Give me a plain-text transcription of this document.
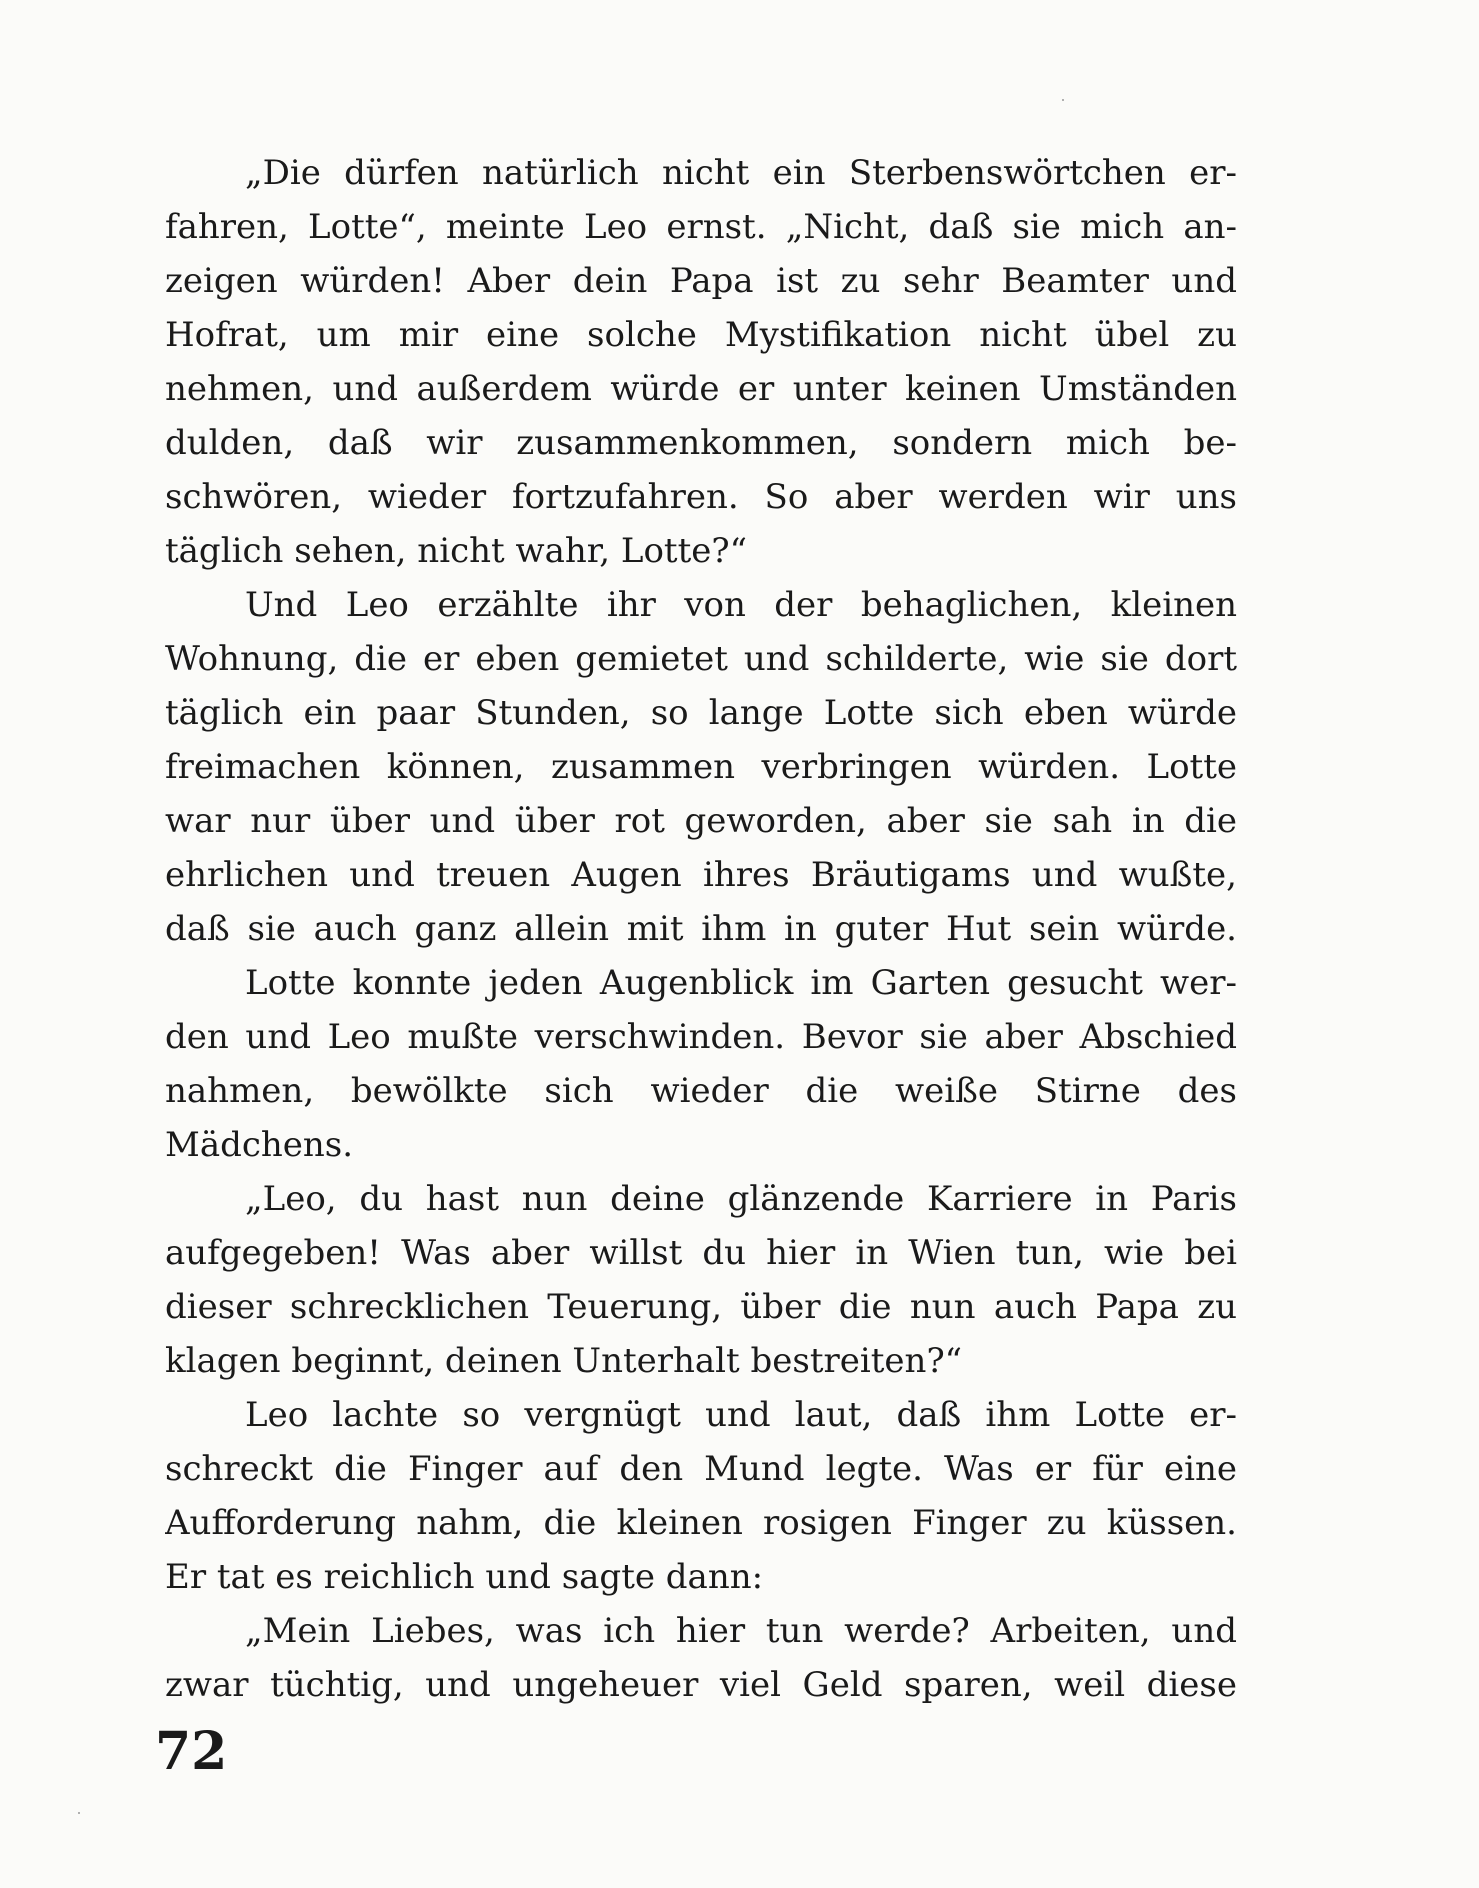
„Die dürfen natürlich nicht ein Sterbenswörtchen er-
fahren, Lotte“, meinte Leo ernst. „Nicht, daß sie mich an-
zeigen würden! Aber dein Papa ist zu sehr Beamter und
Hofrat, um mir eine solche Mystifikation nicht übel zu
nehmen, und außerdem würde er unter keinen Umständen
dulden, daß wir zusammenkommen, sondern mich be-
schwören, wieder fortzufahren. So aber werden wir uns
täglich sehen, nicht wahr, Lotte?“
Und Leo erzählte ihr von der behaglichen, kleinen
Wohnung, die er eben gemietet und schilderte, wie sie dort
täglich ein paar Stunden, so lange Lotte sich eben würde
freimachen können, zusammen verbringen würden. Lotte
war nur über und über rot geworden, aber sie sah in die
ehrlichen und treuen Augen ihres Bräutigams und wußte,
daß sie auch ganz allein mit ihm in guter Hut sein würde.
Lotte konnte jeden Augenblick im Garten gesucht wer-
den und Leo mußte verschwinden. Bevor sie aber Abschied
nahmen, bewölkte sich wieder die weiße Stirne des
Mädchens.
„Leo, du hast nun deine glänzende Karriere in Paris
aufgegeben! Was aber willst du hier in Wien tun, wie bei
dieser schrecklichen Teuerung, über die nun auch Papa zu
klagen beginnt, deinen Unterhalt bestreiten?“
Leo lachte so vergnügt und laut, daß ihm Lotte er-
schreckt die Finger auf den Mund legte. Was er für eine
Aufforderung nahm, die kleinen rosigen Finger zu küssen.
Er tat es reichlich und sagte dann:
„Mein Liebes, was ich hier tun werde? Arbeiten, und
zwar tüchtig, und ungeheuer viel Geld sparen, weil diese
72
